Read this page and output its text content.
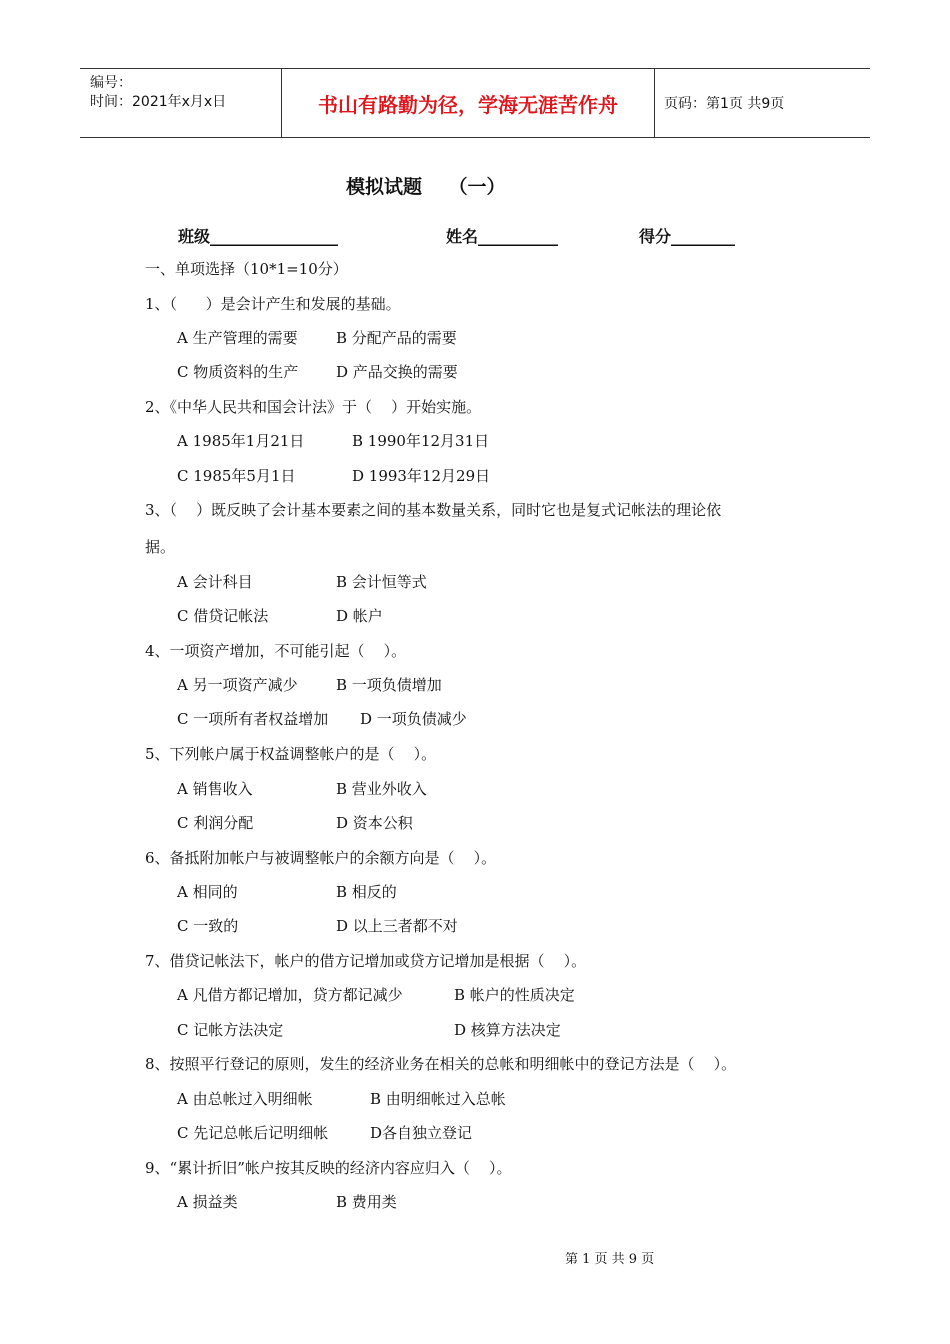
编号：
时间：2021年x月x日	书山有路勤为径，学海无涯苦作舟	页码：第1页 共9页
模拟试题    （一）
班级________________	姓名__________	得分________
一、单项选择（10*1=10分）
1、（      ）是会计产生和发展的基础。
A 生产管理的需要	B 分配产品的需要
C 物质资料的生产	D 产品交换的需要
2、《中华人民共和国会计法》于（    ）开始实施。
A 1985年1月21日	B 1990年12月31日
C 1985年5月1日	D 1993年12月29日
3、（    ）既反映了会计基本要素之间的基本数量关系，同时它也是复式记帐法的理论依
据。
A 会计科目	B 会计恒等式
C 借贷记帐法	D 帐户
4、一项资产增加，不可能引起（    ）。
A 另一项资产减少	B 一项负债增加
C 一项所有者权益增加 D 一项负债减少
5、下列帐户属于权益调整帐户的是（    ）。
A 销售收入	B 营业外收入
C 利润分配	D 资本公积
6、备抵附加帐户与被调整帐户的余额方向是（    ）。
A 相同的	B 相反的
C 一致的	D 以上三者都不对
7、借贷记帐法下，帐户的借方记增加或贷方记增加是根据（    ）。
A 凡借方都记增加，贷方都记减少	B 帐户的性质决定
C 记帐方法决定	D 核算方法决定
8、按照平行登记的原则，发生的经济业务在相关的总帐和明细帐中的登记方法是（    ）。
A 由总帐过入明细帐	B 由明细帐过入总帐
C 先记总帐后记明细帐	D各自独立登记
9、“累计折旧”帐户按其反映的经济内容应归入（    ）。
A 损益类	B 费用类
第 1 页 共 9 页
